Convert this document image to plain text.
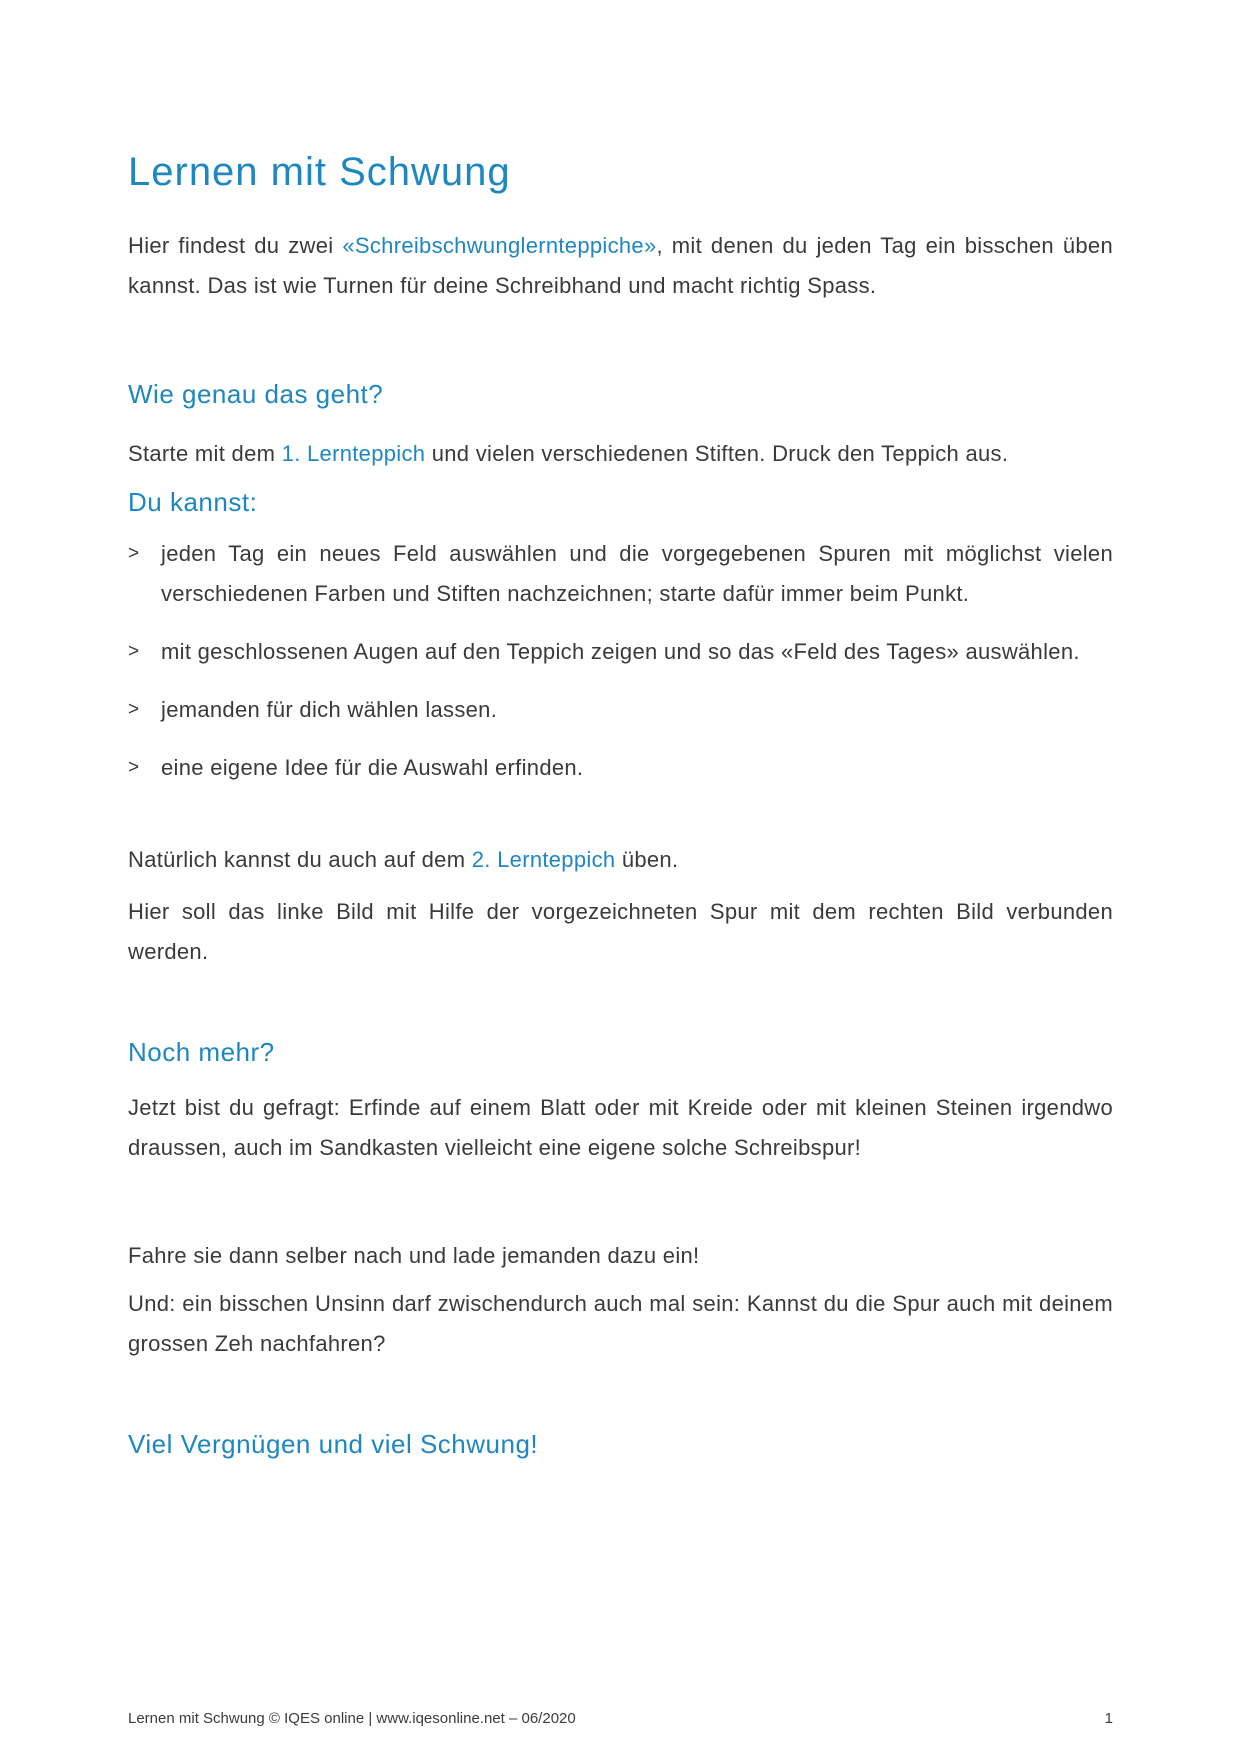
Lernen mit Schwung

Hier findest du zwei «Schreibschwunglernteppiche», mit denen du jeden Tag ein bisschen üben kannst. Das ist wie Turnen für deine Schreibhand und macht richtig Spass.

Wie genau das geht?

Starte mit dem 1. Lernteppich und vielen verschiedenen Stiften. Druck den Teppich aus.

Du kannst:
> jeden Tag ein neues Feld auswählen und die vorgegebenen Spuren mit möglichst vielen verschiedenen Farben und Stiften nachzeichnen; starte dafür immer beim Punkt.
> mit geschlossenen Augen auf den Teppich zeigen und so das «Feld des Tages» auswählen.
> jemanden für dich wählen lassen.
> eine eigene Idee für die Auswahl erfinden.

Natürlich kannst du auch auf dem 2. Lernteppich üben.

Hier soll das linke Bild mit Hilfe der vorgezeichneten Spur mit dem rechten Bild verbunden werden.

Noch mehr?

Jetzt bist du gefragt: Erfinde auf einem Blatt oder mit Kreide oder mit kleinen Steinen irgendwo draussen, auch im Sandkasten vielleicht eine eigene solche Schreibspur!

Fahre sie dann selber nach und lade jemanden dazu ein!

Und: ein bisschen Unsinn darf zwischendurch auch mal sein: Kannst du die Spur auch mit deinem grossen Zeh nachfahren?

Viel Vergnügen und viel Schwung!

Lernen mit Schwung © IQES online | www.iqesonline.net – 06/2020	1
